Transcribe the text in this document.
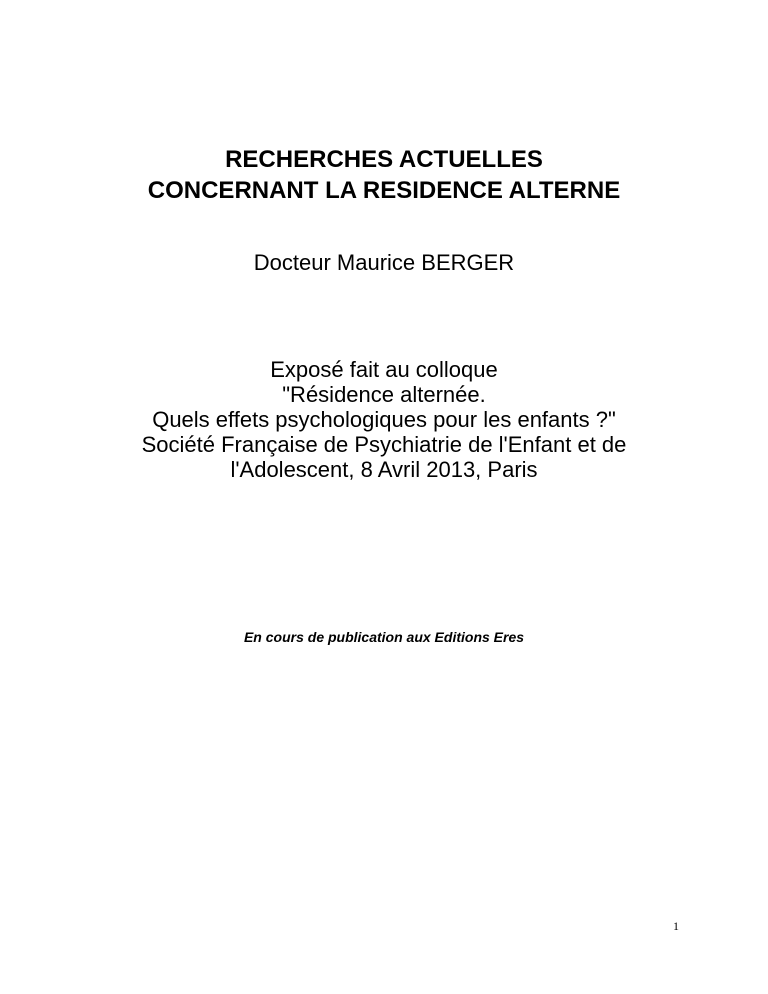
RECHERCHES ACTUELLES
CONCERNANT LA RESIDENCE ALTERNE

Docteur Maurice BERGER

Exposé fait au colloque
"Résidence alternée.
Quels effets psychologiques pour les enfants ?"
Société Française de Psychiatrie de l'Enfant et de
l'Adolescent, 8 Avril 2013, Paris

En cours de publication aux Editions Eres

1
